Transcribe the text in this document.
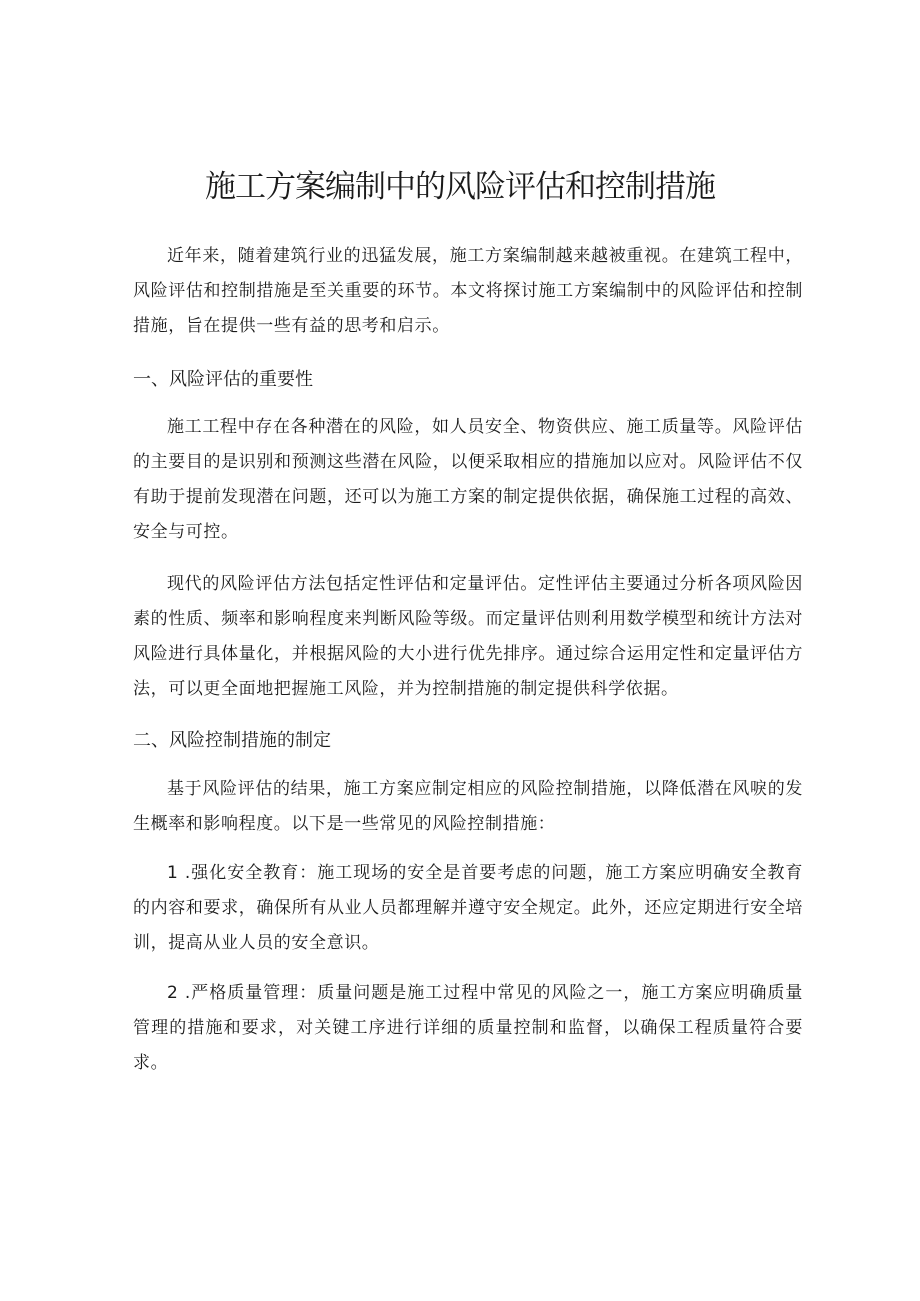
施工方案编制中的风险评估和控制措施

近年来，随着建筑行业的迅猛发展，施工方案编制越来越被重视。在建筑工程中，风险评估和控制措施是至关重要的环节。本文将探讨施工方案编制中的风险评估和控制措施，旨在提供一些有益的思考和启示。

一、风险评估的重要性

施工工程中存在各种潜在的风险，如人员安全、物资供应、施工质量等。风险评估的主要目的是识别和预测这些潜在风险，以便采取相应的措施加以应对。风险评估不仅有助于提前发现潜在问题，还可以为施工方案的制定提供依据，确保施工过程的高效、安全与可控。

现代的风险评估方法包括定性评估和定量评估。定性评估主要通过分析各项风险因素的性质、频率和影响程度来判断风险等级。而定量评估则利用数学模型和统计方法对风险进行具体量化，并根据风险的大小进行优先排序。通过综合运用定性和定量评估方法，可以更全面地把握施工风险，并为控制措施的制定提供科学依据。

二、风险控制措施的制定

基于风险评估的结果，施工方案应制定相应的风险控制措施，以降低潜在风唳的发生概率和影响程度。以下是一些常见的风险控制措施：

1 .强化安全教育：施工现场的安全是首要考虑的问题，施工方案应明确安全教育的内容和要求，确保所有从业人员都理解并遵守安全规定。此外，还应定期进行安全培训，提高从业人员的安全意识。

2 .严格质量管理：质量问题是施工过程中常见的风险之一，施工方案应明确质量管理的措施和要求，对关键工序进行详细的质量控制和监督，以确保工程质量符合要求。
